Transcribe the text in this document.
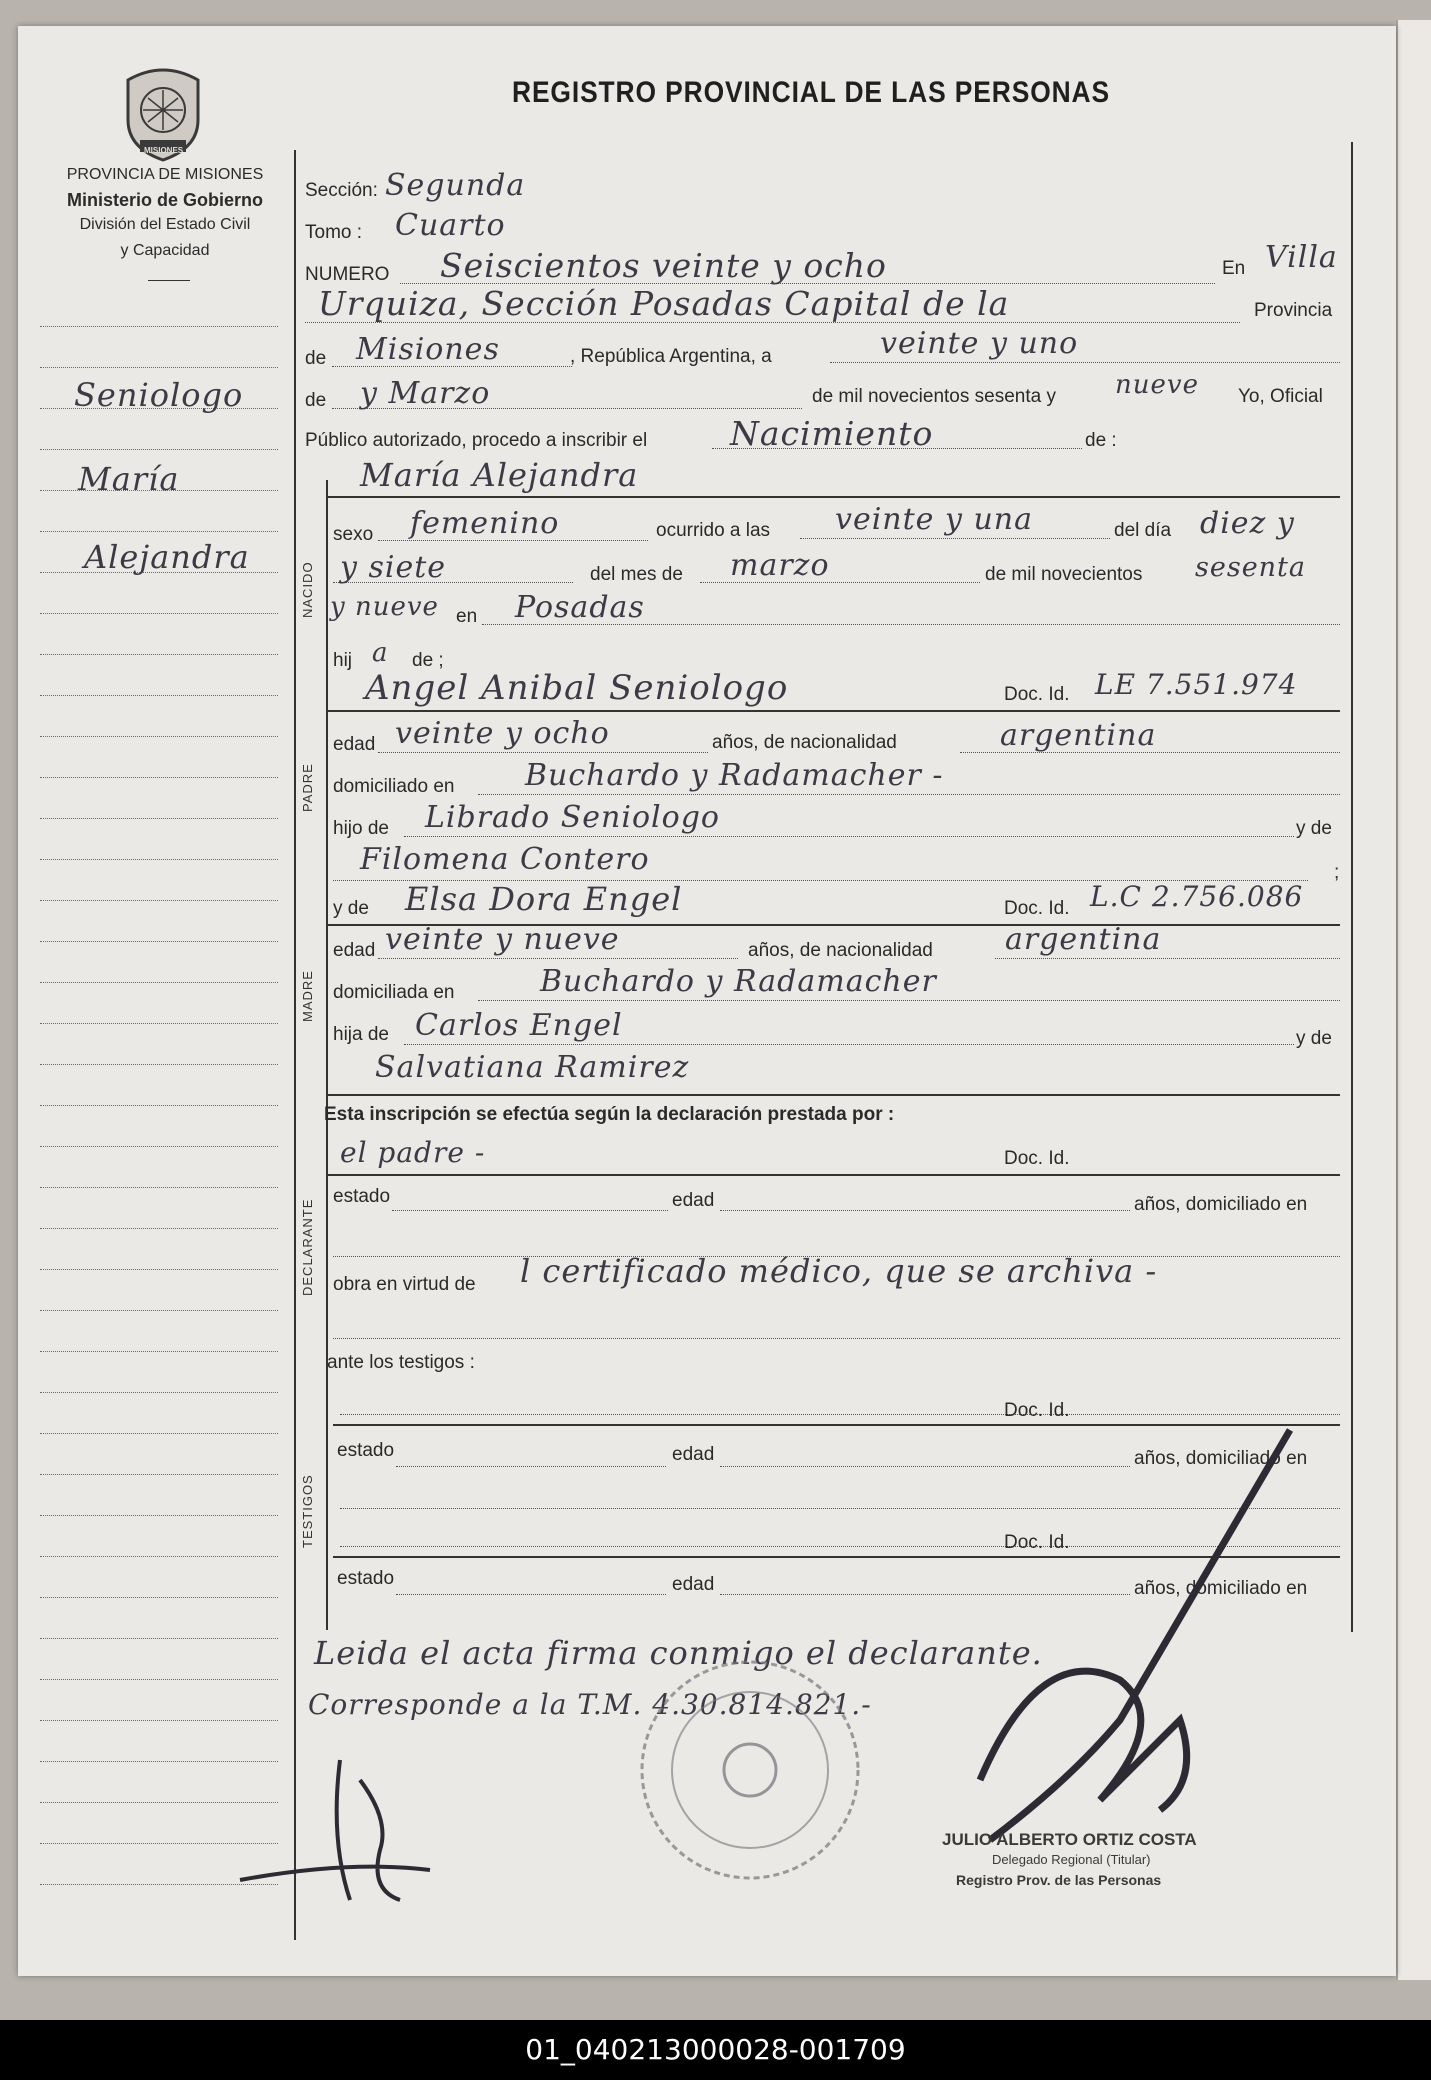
MISIONES
REGISTRO PROVINCIAL DE LAS PERSONAS
PROVINCIA DE MISIONES
Ministerio de Gobierno
División del Estado Civil
y Capacidad
Seniologo
María
Alejandra
NACIDO
PADRE
MADRE
DECLARANTE
TESTIGOS
Sección: Segunda
Tomo : Cuarto
NUMERO Seiscientos veinte y ocho	En Villa
Urquiza, Sección Posadas Capital de la	Provincia
de Misiones	, República Argentina, a	veinte y uno
de y Marzo	de mil novecientos sesenta y nueve Yo, Oficial
Público autorizado, procedo a inscribir el	Nacimiento	de :
María Alejandra
sexo femenino	ocurrido a las veinte y una	del día diez y
y siete	del mes de marzo	de mil novecientos sesenta
y nueve en Posadas
hij a de ;
Angel Anibal Seniologo	Doc. Id. LE 7.551.974
edad veinte y ocho	años, de nacionalidad	argentina
domiciliado en Buchardo y Radamacher -
hijo de Librado Seniologo	y de
Filomena Contero	;
y de Elsa Dora Engel	Doc. Id. L.C 2.756.086
edad veinte y nueve	años, de nacionalidad argentina
domiciliada en	Buchardo y Radamacher
hija de Carlos Engel	y de
Salvatiana Ramirez
Esta inscripción se efectúa según la declaración prestada por :
el padre -	Doc. Id.
estado	edad	años, domiciliado en
obra en virtud de l certificado médico, que se archiva -
ante los testigos :
Doc. Id.
estado	edad	años, domiciliado en
Doc. Id.
estado	edad	años, domiciliado en
Leida el acta firma conmigo el declarante.
Corresponde a la T.M. 4.30.814.821.-
JULIO ALBERTO ORTIZ COSTA
Delegado Regional (Titular)
Registro Prov. de las Personas
01_040213000028-001709
